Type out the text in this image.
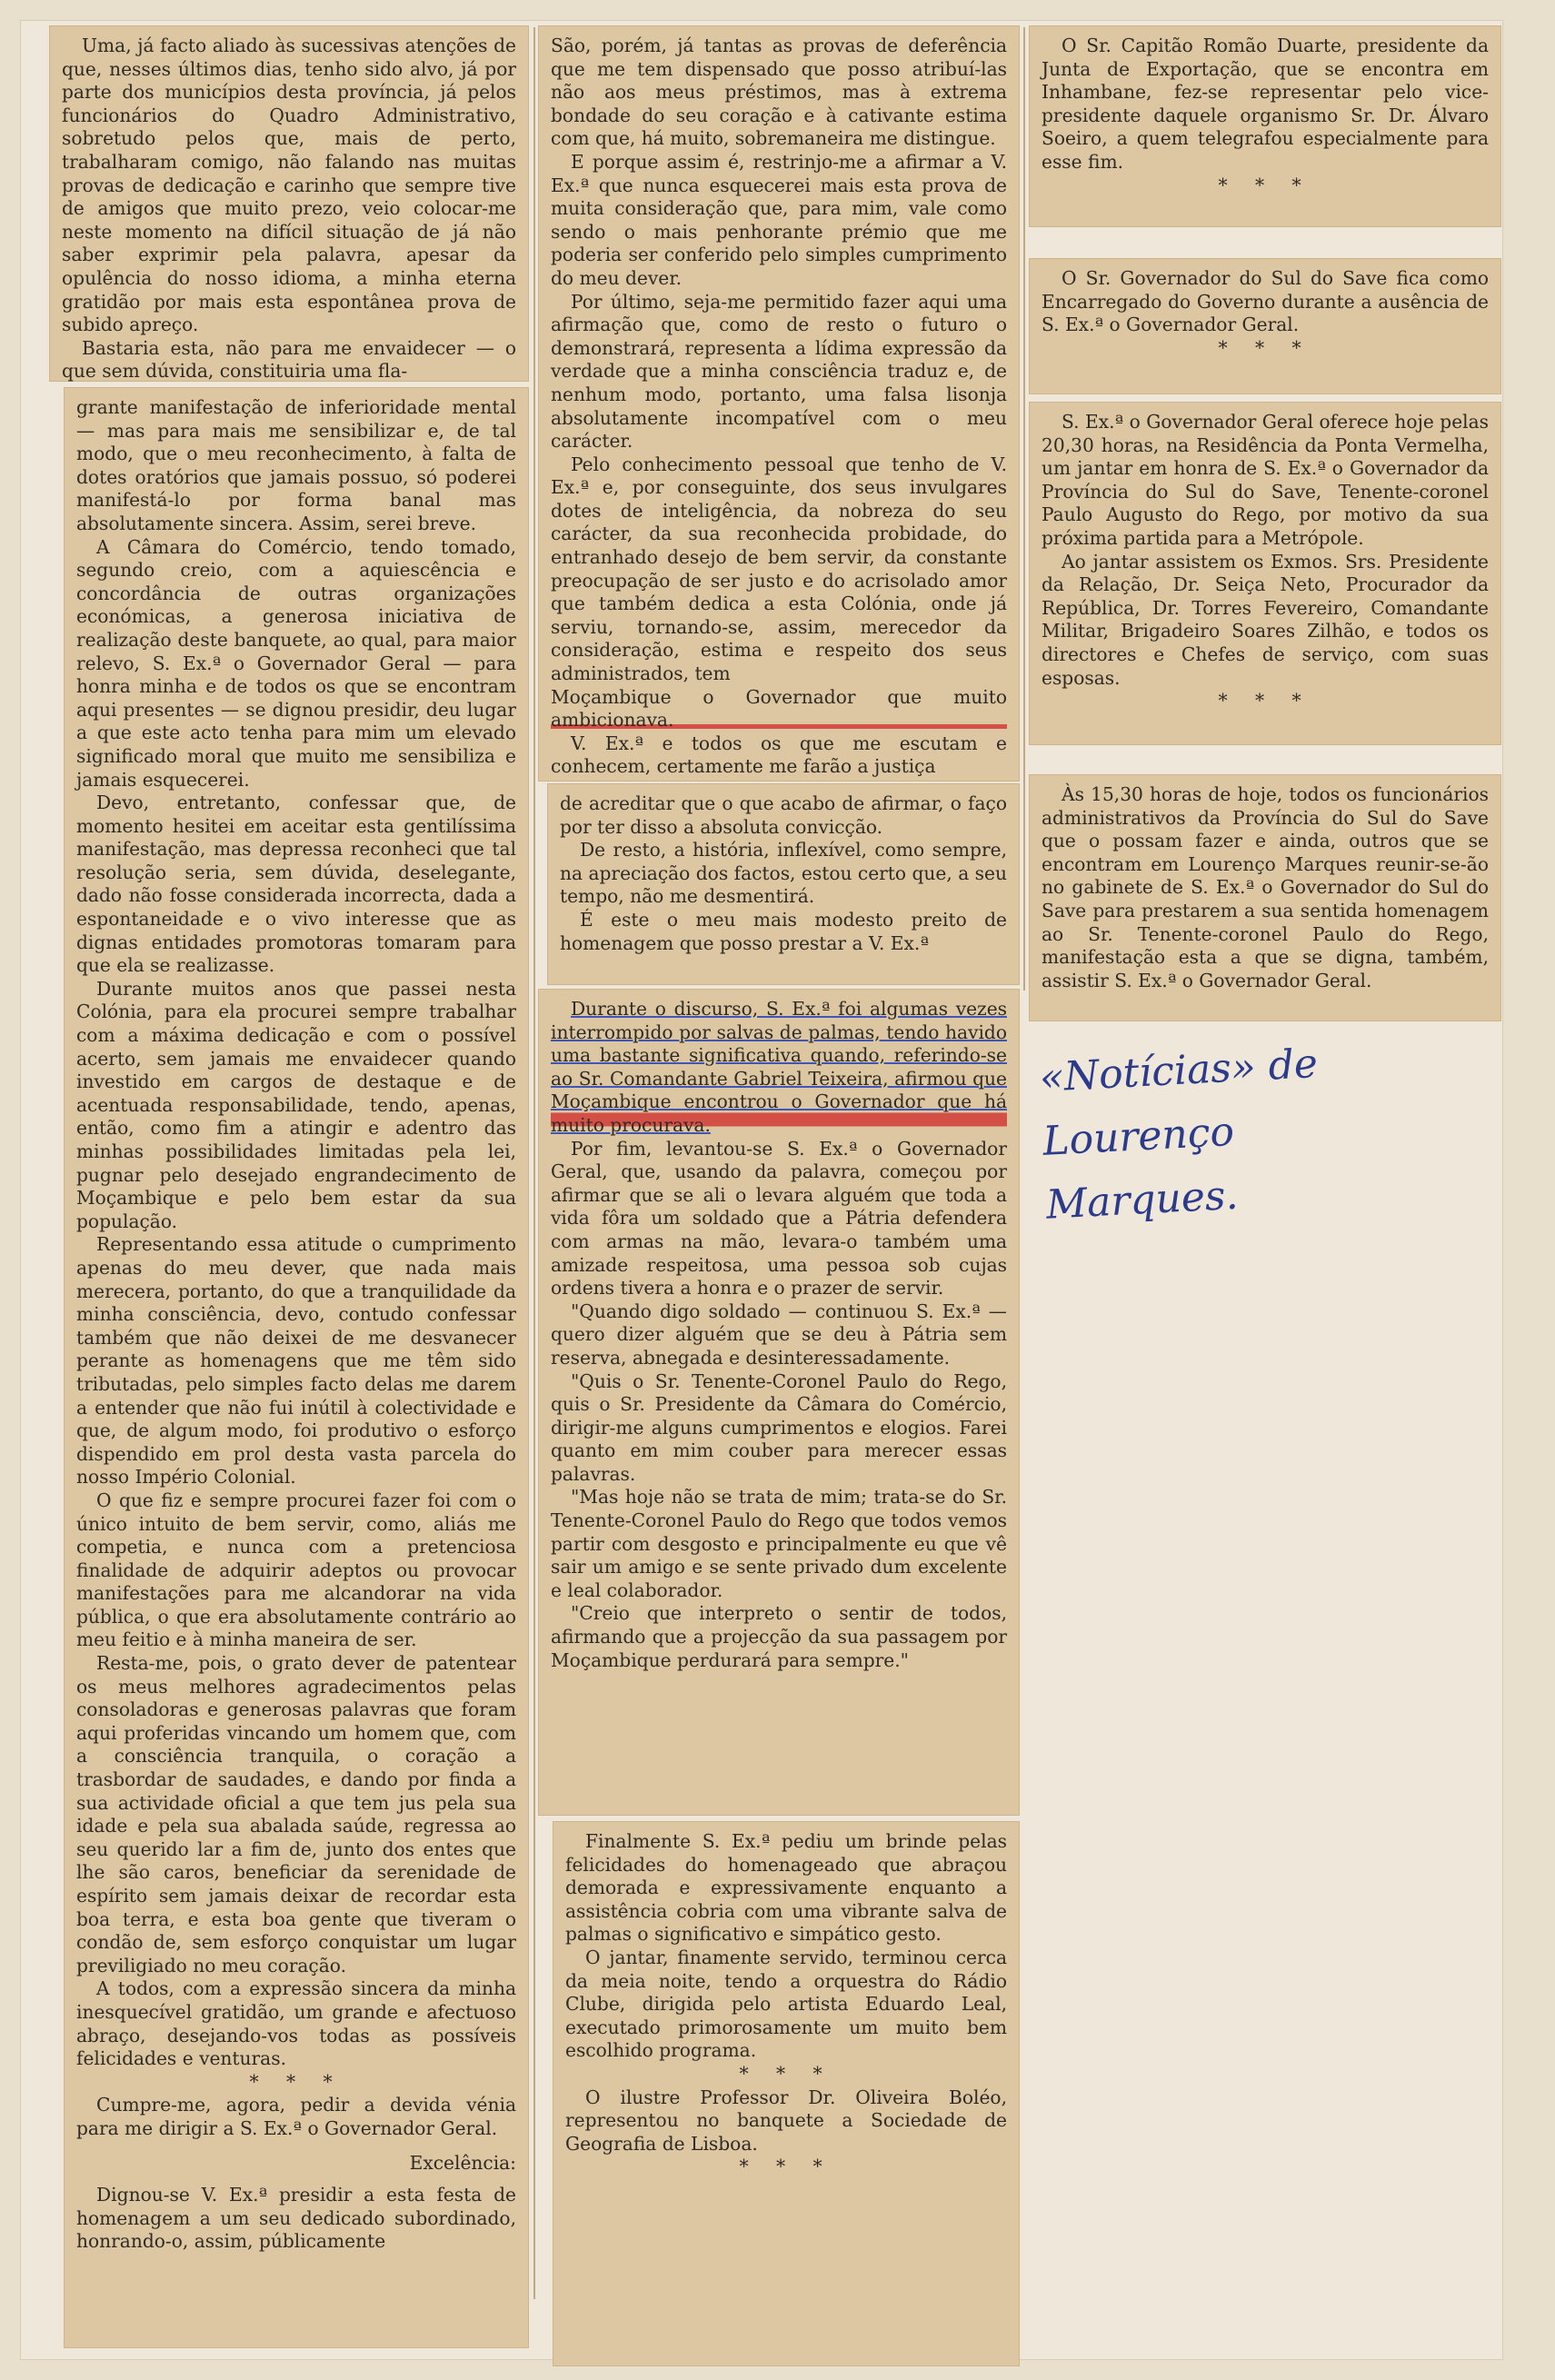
Uma, já facto aliado às sucessivas atenções de que, nesses últimos dias, tenho sido alvo, já por parte dos municípios desta província, já pelos funcionários do Quadro Administrativo, sobretudo pelos que, mais de perto, trabalharam comigo, não falando nas muitas provas de dedicação e carinho que sempre tive de amigos que muito prezo, veio colocar-me neste momento na difícil situação de já não saber exprimir pela palavra, apesar da opulência do nosso idioma, a minha eterna gratidão por mais esta espontânea prova de subido apreço.

Bastaria esta, não para me envaidecer — o que sem dúvida, constituiria uma fla-

grante manifestação de inferioridade mental — mas para mais me sensibilizar e, de tal modo, que o meu reconhecimento, à falta de dotes oratórios que jamais possuo, só poderei manifestá-lo por forma banal mas absolutamente sincera. Assim, serei breve.

A Câmara do Comércio, tendo tomado, segundo creio, com a aquiescência e concordância de outras organizações económicas, a generosa iniciativa de realização deste banquete, ao qual, para maior relevo, S. Ex.ª o Governador Geral — para honra minha e de todos os que se encontram aqui presentes — se dignou presidir, deu lugar a que este acto tenha para mim um elevado significado moral que muito me sensibiliza e jamais esquecerei.

Devo, entretanto, confessar que, de momento hesitei em aceitar esta gentilíssima manifestação, mas depressa reconheci que tal resolução seria, sem dúvida, deselegante, dado não fosse considerada incorrecta, dada a espontaneidade e o vivo interesse que as dignas entidades promotoras tomaram para que ela se realizasse.

Durante muitos anos que passei nesta Colónia, para ela procurei sempre trabalhar com a máxima dedicação e com o possível acerto, sem jamais me envaidecer quando investido em cargos de destaque e de acentuada responsabilidade, tendo, apenas, então, como fim a atingir e adentro das minhas possibilidades limitadas pela lei, pugnar pelo desejado engrandecimento de Moçambique e pelo bem estar da sua população.

Representando essa atitude o cumprimento apenas do meu dever, que nada mais merecera, portanto, do que a tranquilidade da minha consciência, devo, contudo confessar também que não deixei de me desvanecer perante as homenagens que me têm sido tributadas, pelo simples facto delas me darem a entender que não fui inútil à colectividade e que, de algum modo, foi produtivo o esforço dispendido em prol desta vasta parcela do nosso Império Colonial.

O que fiz e sempre procurei fazer foi com o único intuito de bem servir, como, aliás me competia, e nunca com a pretenciosa finalidade de adquirir adeptos ou provocar manifestações para me alcandorar na vida pública, o que era absolutamente contrário ao meu feitio e à minha maneira de ser.

Resta-me, pois, o grato dever de patentear os meus melhores agradecimentos pelas consoladoras e generosas palavras que foram aqui proferidas vincando um homem que, com a consciência tranquila, o coração a trasbordar de saudades, e dando por finda a sua actividade oficial a que tem jus pela sua idade e pela sua abalada saúde, regressa ao seu querido lar a fim de, junto dos entes que lhe são caros, beneficiar da serenidade de espírito sem jamais deixar de recordar esta boa terra, e esta boa gente que tiveram o condão de, sem esforço conquistar um lugar previligiado no meu coração.

A todos, com a expressão sincera da minha inesquecível gratidão, um grande e afectuoso abraço, desejando-vos todas as possíveis felicidades e venturas.

* * *

Cumpre-me, agora, pedir a devida vénia para me dirigir a S. Ex.ª o Governador Geral.

Excelência:

Dignou-se V. Ex.ª presidir a esta festa de homenagem a um seu dedicado subordinado, honrando-o, assim, públicamente

São, porém, já tantas as provas de deferência que me tem dispensado que posso atribuí-las não aos meus préstimos, mas à extrema bondade do seu coração e à cativante estima com que, há muito, sobremaneira me distingue.

E porque assim é, restrinjo-me a afirmar a V. Ex.ª que nunca esquecerei mais esta prova de muita consideração que, para mim, vale como sendo o mais penhorante prémio que me poderia ser conferido pelo simples cumprimento do meu dever.

Por último, seja-me permitido fazer aqui uma afirmação que, como de resto o futuro o demonstrará, representa a lídima expressão da verdade que a minha consciência traduz e, de nenhum modo, portanto, uma falsa lisonja absolutamente incompatível com o meu carácter.

Pelo conhecimento pessoal que tenho de V. Ex.ª e, por conseguinte, dos seus invulgares dotes de inteligência, da nobreza do seu carácter, da sua reconhecida probidade, do entranhado desejo de bem servir, da constante preocupação de ser justo e do acrisolado amor que também dedica a esta Colónia, onde já serviu, tornando-se, assim, merecedor da consideração, estima e respeito dos seus administrados, tem

Moçambique o Governador que muito ambicionava.

V. Ex.ª e todos os que me escutam e conhecem, certamente me farão a justiça

de acreditar que o que acabo de afirmar, o faço por ter disso a absoluta convicção.

De resto, a história, inflexível, como sempre, na apreciação dos factos, estou certo que, a seu tempo, não me desmentirá.

É este o meu mais modesto preito de homenagem que posso prestar a V. Ex.ª

Durante o discurso, S. Ex.ª foi algumas vezes interrompido por salvas de palmas, tendo havido uma bastante significativa quando, referindo-se ao Sr. Comandante Gabriel Teixeira, afirmou que Moçambique encontrou o Governador que há muito procurava.

Por fim, levantou-se S. Ex.ª o Governador Geral, que, usando da palavra, começou por afirmar que se ali o levara alguém que toda a vida fôra um soldado que a Pátria defendera com armas na mão, levara-o também uma amizade respeitosa, uma pessoa sob cujas ordens tivera a honra e o prazer de servir.

"Quando digo soldado — continuou S. Ex.ª — quero dizer alguém que se deu à Pátria sem reserva, abnegada e desinteressadamente.

"Quis o Sr. Tenente-Coronel Paulo do Rego, quis o Sr. Presidente da Câmara do Comércio, dirigir-me alguns cumprimentos e elogios. Farei quanto em mim couber para merecer essas palavras.

"Mas hoje não se trata de mim; trata-se do Sr. Tenente-Coronel Paulo do Rego que todos vemos partir com desgosto e principalmente eu que vê sair um amigo e se sente privado dum excelente e leal colaborador.

"Creio que interpreto o sentir de todos, afirmando que a projecção da sua passagem por Moçambique perdurará para sempre."

Finalmente S. Ex.ª pediu um brinde pelas felicidades do homenageado que abraçou demorada e expressivamente enquanto a assistência cobria com uma vibrante salva de palmas o significativo e simpático gesto.

O jantar, finamente servido, terminou cerca da meia noite, tendo a orquestra do Rádio Clube, dirigida pelo artista Eduardo Leal, executado primorosamente um muito bem escolhido programa.

* * *

O ilustre Professor Dr. Oliveira Boléo, representou no banquete a Sociedade de Geografia de Lisboa.

* * *

O Sr. Capitão Romão Duarte, presidente da Junta de Exportação, que se encontra em Inhambane, fez-se representar pelo vice-presidente daquele organismo Sr. Dr. Álvaro Soeiro, a quem telegrafou especialmente para esse fim.

* * *

O Sr. Governador do Sul do Save fica como Encarregado do Governo durante a ausência de S. Ex.ª o Governador Geral.

* * *

S. Ex.ª o Governador Geral oferece hoje pelas 20,30 horas, na Residência da Ponta Vermelha, um jantar em honra de S. Ex.ª o Governador da Província do Sul do Save, Tenente-coronel Paulo Augusto do Rego, por motivo da sua próxima partida para a Metrópole.

Ao jantar assistem os Exmos. Srs. Presidente da Relação, Dr. Seiça Neto, Procurador da República, Dr. Torres Fevereiro, Comandante Militar, Brigadeiro Soares Zilhão, e todos os directores e Chefes de serviço, com suas esposas.

* * *

Às 15,30 horas de hoje, todos os funcionários administrativos da Província do Sul do Save que o possam fazer e ainda, outros que se encontram em Lourenço Marques reunir-se-ão no gabinete de S. Ex.ª o Governador do Sul do Save para prestarem a sua sentida homenagem ao Sr. Tenente-coronel Paulo do Rego, manifestação esta a que se digna, também, assistir S. Ex.ª o Governador Geral.

«Notícias» de Lourenço
Marques.
